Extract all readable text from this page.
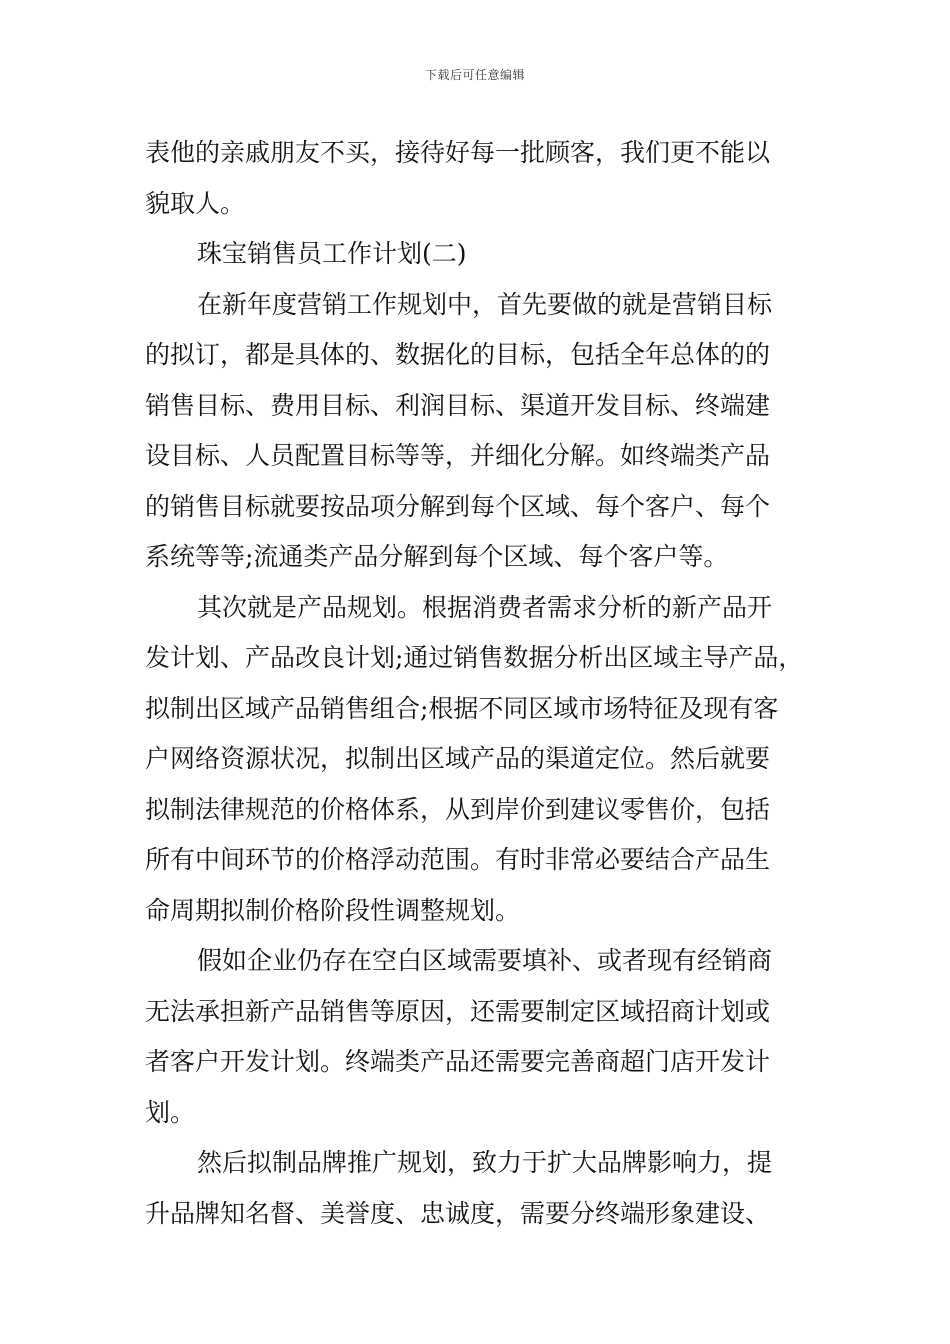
下载后可任意编辑
表他的亲戚朋友不买，接待好每一批顾客，我们更不能以
貌取人。
珠宝销售员工作计划(二)
在新年度营销工作规划中，首先要做的就是营销目标
的拟订，都是具体的、数据化的目标，包括全年总体的的
销售目标、费用目标、利润目标、渠道开发目标、终端建
设目标、人员配置目标等等，并细化分解。如终端类产品
的销售目标就要按品项分解到每个区域、每个客户、每个
系统等等;流通类产品分解到每个区域、每个客户等。
其次就是产品规划。根据消费者需求分析的新产品开
发计划、产品改良计划;通过销售数据分析出区域主导产品，
拟制出区域产品销售组合;根据不同区域市场特征及现有客
户网络资源状况，拟制出区域产品的渠道定位。然后就要
拟制法律规范的价格体系，从到岸价到建议零售价，包括
所有中间环节的价格浮动范围。有时非常必要结合产品生
命周期拟制价格阶段性调整规划。
假如企业仍存在空白区域需要填补、或者现有经销商
无法承担新产品销售等原因，还需要制定区域招商计划或
者客户开发计划。终端类产品还需要完善商超门店开发计
划。
然后拟制品牌推广规划，致力于扩大品牌影响力，提
升品牌知名督、美誉度、忠诚度，需要分终端形象建设、
